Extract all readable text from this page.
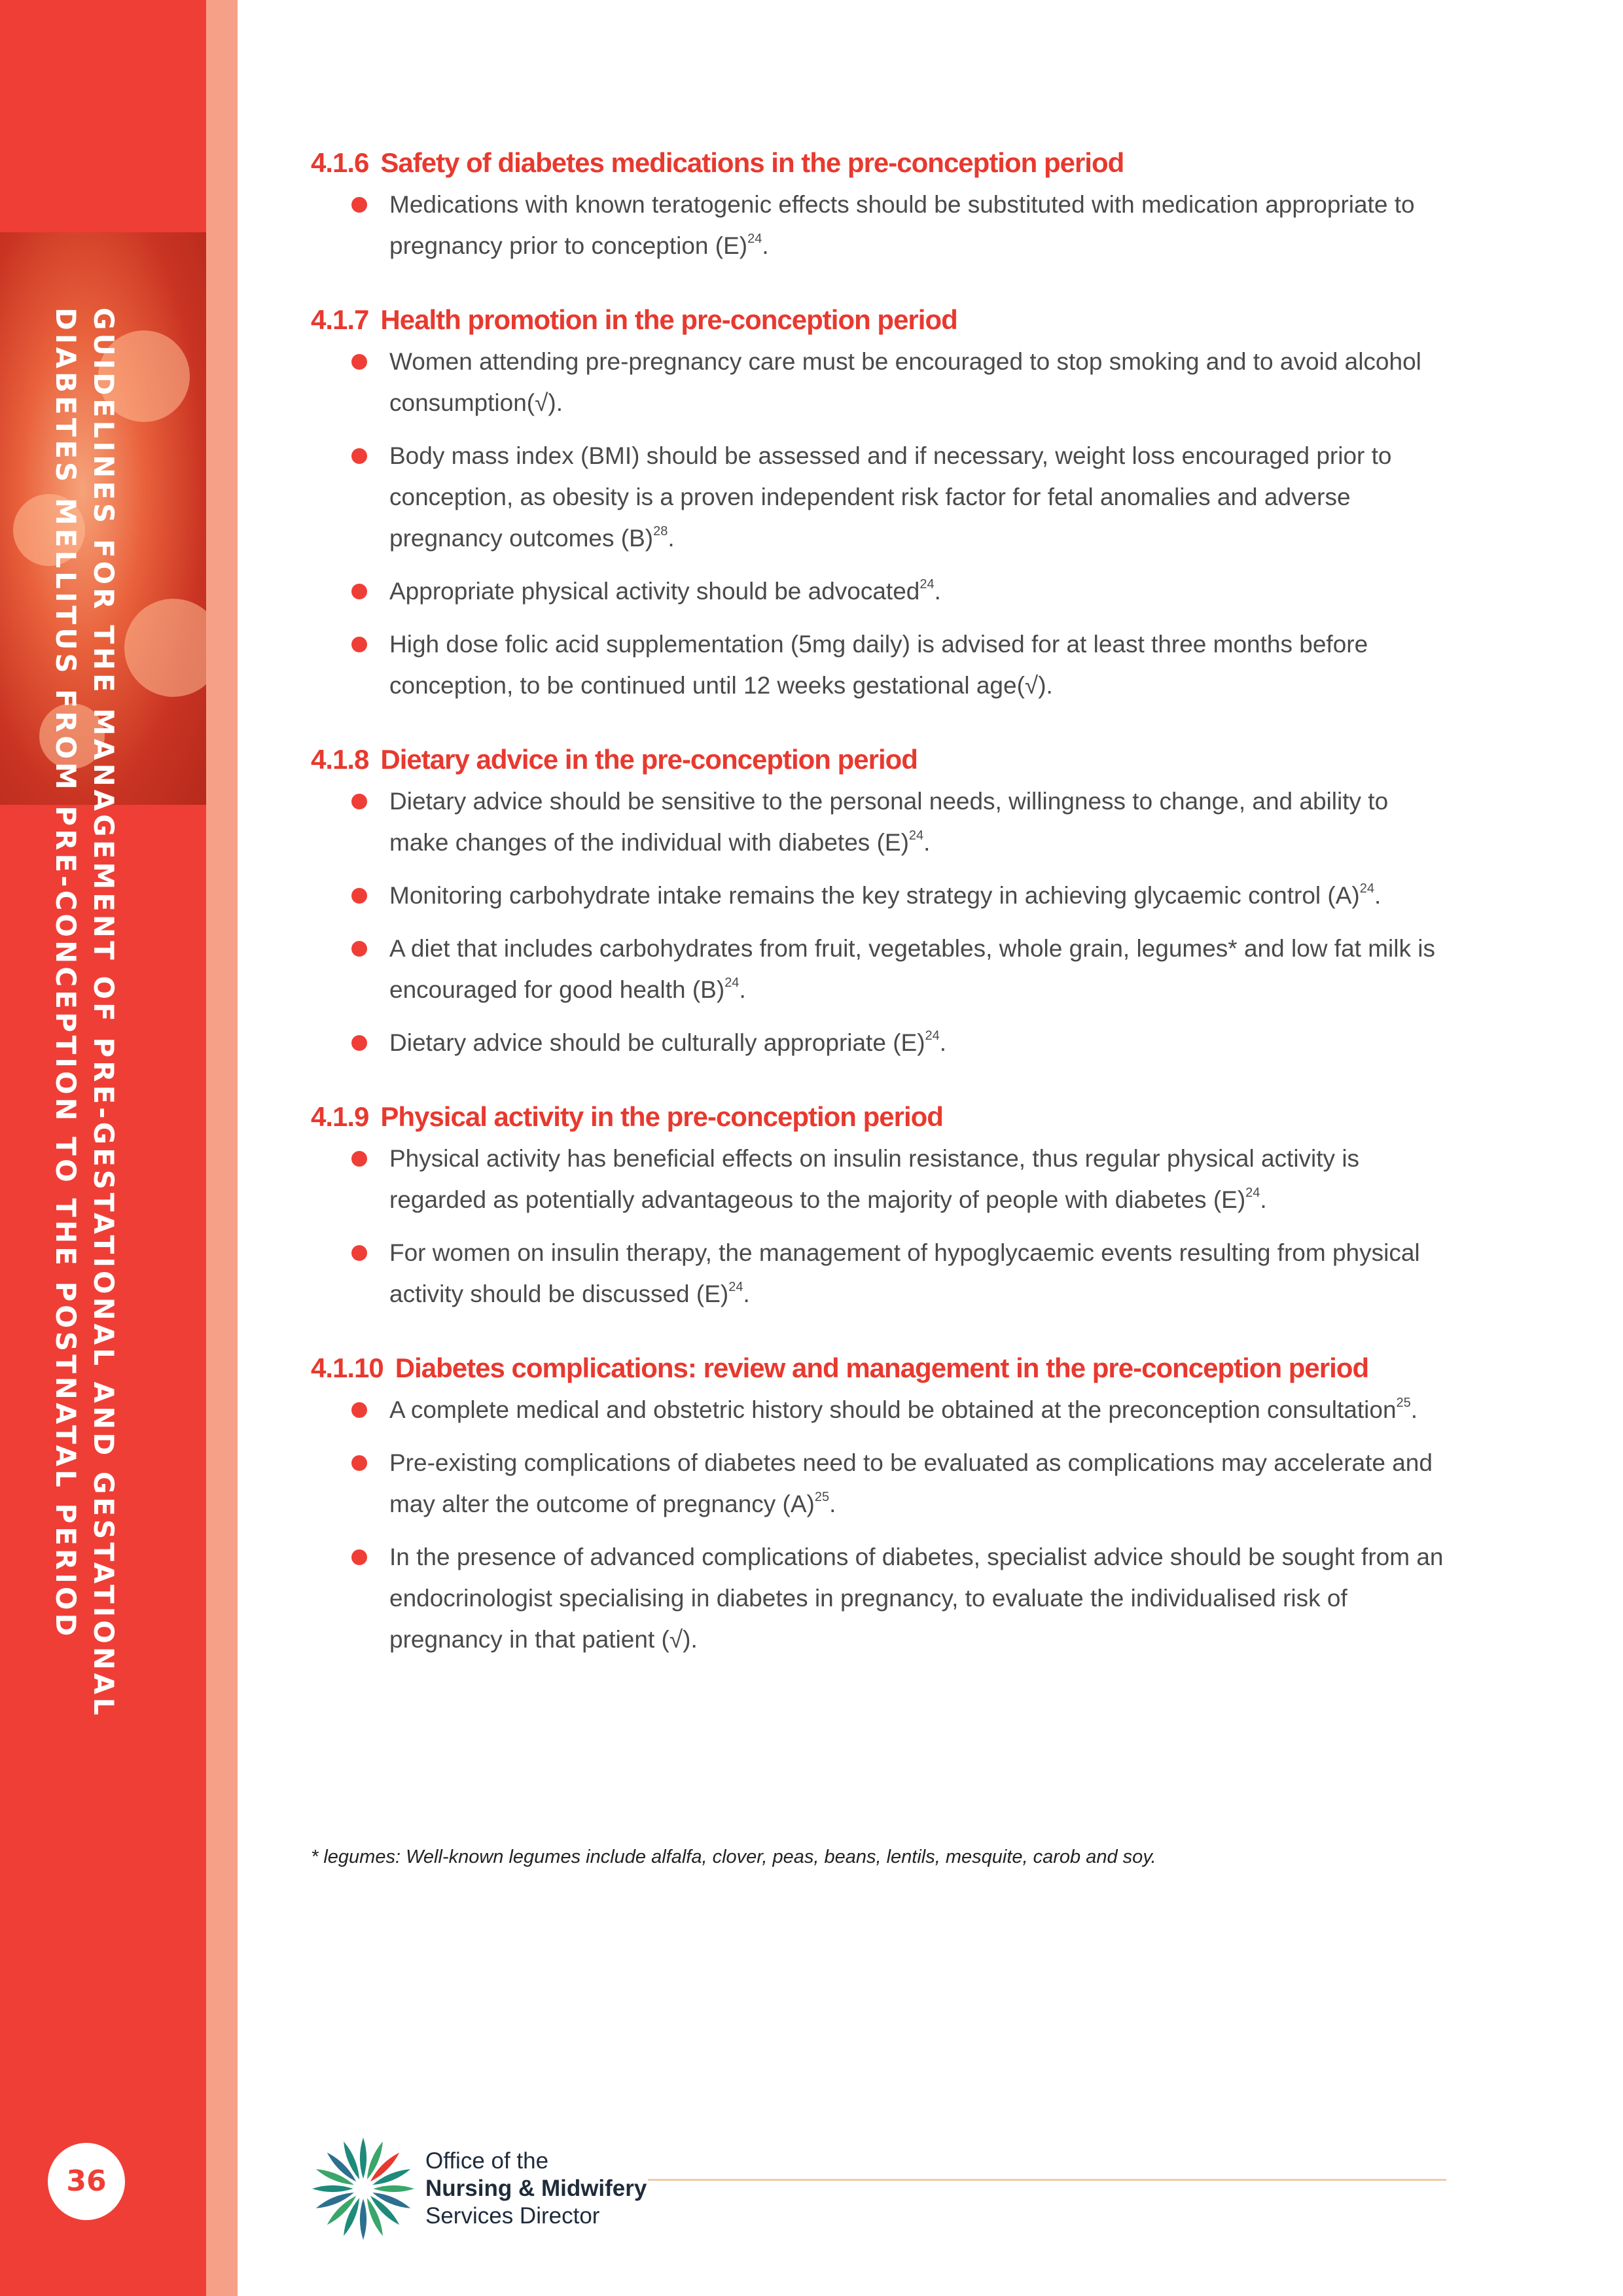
GUIDELINES FOR THE MANAGEMENT OF PRE-GESTATIONAL AND GESTATIONAL
DIABETES MELLITUS FROM PRE-CONCEPTION TO THE POSTNATAL PERIOD
36
4.1.6 Safety of diabetes medications in the pre-conception period
Medications with known teratogenic effects should be substituted with medication appropriate to pregnancy prior to conception $(E)^{24}$.
4.1.7 Health promotion in the pre-conception period
Women attending pre-pregnancy care must be encouraged to stop smoking and to avoid alcohol consumption(√).
Body mass index (BMI) should be assessed and if necessary, weight loss encouraged prior to conception, as obesity is a proven independent risk factor for fetal anomalies and adverse pregnancy outcomes $(B)^{28}$.
Appropriate physical activity should be advocated$^{24}$.
High dose folic acid supplementation (5mg daily) is advised for at least three months before conception, to be continued until 12 weeks gestational age(√).
4.1.8 Dietary advice in the pre-conception period
Dietary advice should be sensitive to the personal needs, willingness to change, and ability to make changes of the individual with diabetes $(E)^{24}$.
Monitoring carbohydrate intake remains the key strategy in achieving glycaemic control $(A)^{24}$.
A diet that includes carbohydrates from fruit, vegetables, whole grain, legumes* and low fat milk is encouraged for good health $(B)^{24}$.
Dietary advice should be culturally appropriate $(E)^{24}$.
4.1.9 Physical activity in the pre-conception period
Physical activity has beneficial effects on insulin resistance, thus regular physical activity is regarded as potentially advantageous to the majority of people with diabetes $(E)^{24}$.
For women on insulin therapy, the management of hypoglycaemic events resulting from physical activity should be discussed $(E)^{24}$.
4.1.10 Diabetes complications: review and management in the pre-conception period
A complete medical and obstetric history should be obtained at the preconception consultation$^{25}$.
Pre-existing complications of diabetes need to be evaluated as complications may accelerate and may alter the outcome of pregnancy $(A)^{25}$.
In the presence of advanced complications of diabetes, specialist advice should be sought from an endocrinologist specialising in diabetes in pregnancy, to evaluate the individualised risk of pregnancy in that patient (√).
* legumes: Well-known legumes include alfalfa, clover, peas, beans, lentils, mesquite, carob and soy.
Office of the
Nursing & Midwifery
Services Director
